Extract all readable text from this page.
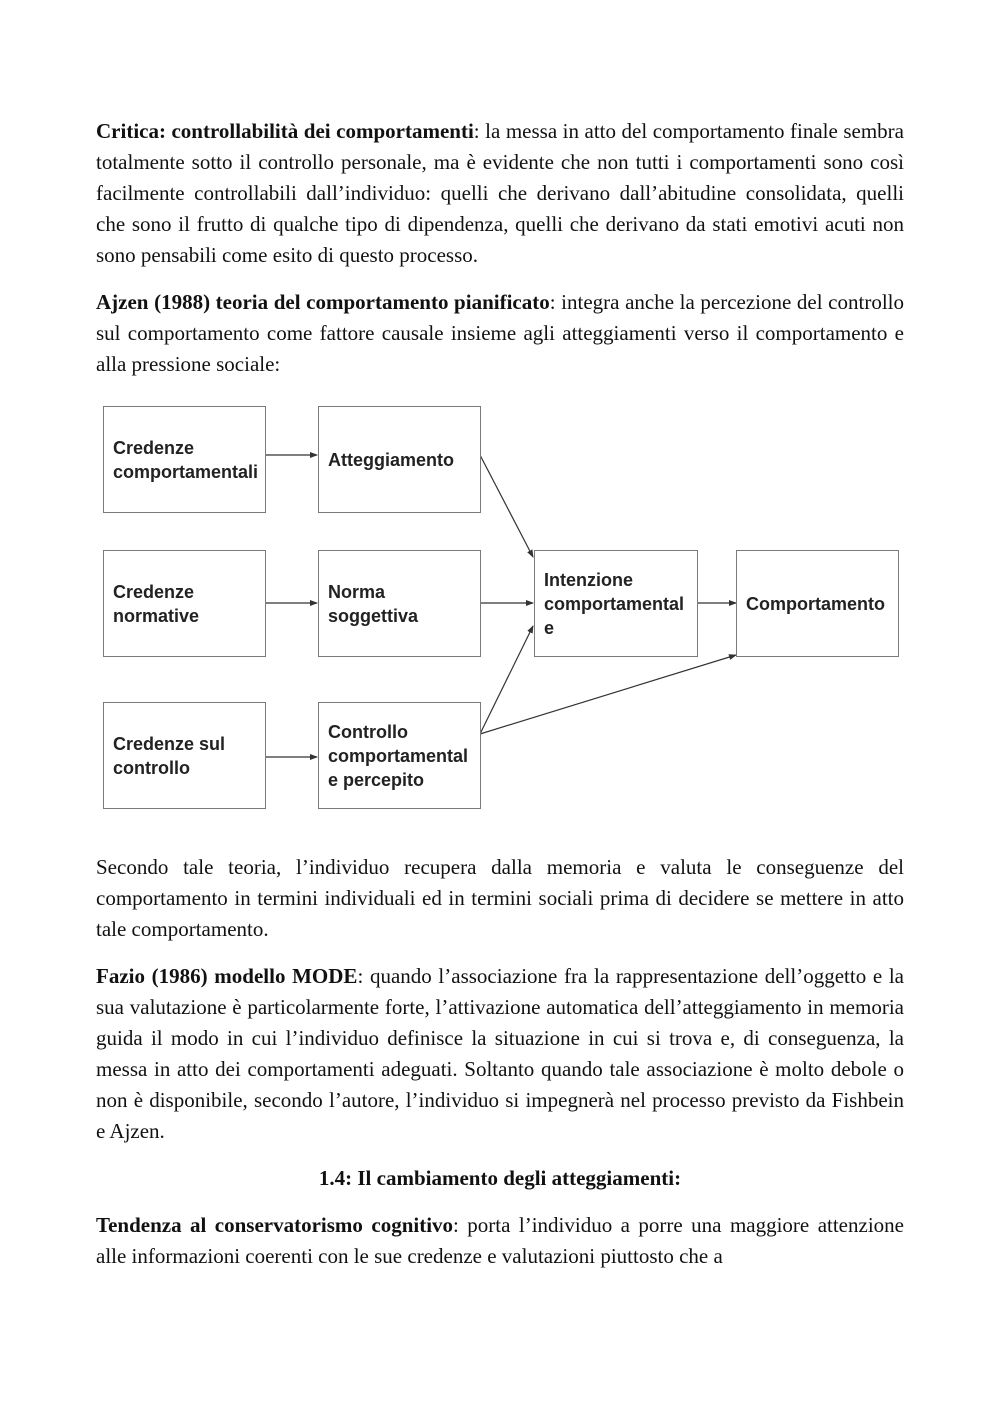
Critica: controllabilità dei comportamenti: la messa in atto del comportamento finale sembra totalmente sotto il controllo personale, ma è evidente che non tutti i comportamenti sono così facilmente controllabili dall’individuo: quelli che derivano dall’abitudine consolidata, quelli che sono il frutto di qualche tipo di dipendenza, quelli che derivano da stati emotivi acuti non sono pensabili come esito di questo processo.

Ajzen (1988) teoria del comportamento pianificato: integra anche la percezione del controllo sul comportamento come fattore causale insieme agli atteggiamenti verso il comportamento e alla pressione sociale:

Credenze
comportamentali
Atteggiamento
Credenze
normative
Norma
soggettiva
Credenze sul
controllo
Controllo
comportamental
e percepito
Intenzione
comportamental
e
Comportamento

Secondo tale teoria, l’individuo recupera dalla memoria e valuta le conseguenze del comportamento in termini individuali ed in termini sociali prima di decidere se mettere in atto tale comportamento.

Fazio (1986) modello MODE: quando l’associazione fra la rappresentazione dell’oggetto e la sua valutazione è particolarmente forte, l’attivazione automatica dell’atteggiamento in memoria guida il modo in cui l’individuo definisce la situazione in cui si trova e, di conseguenza, la messa in atto dei comportamenti adeguati. Soltanto quando tale associazione è molto debole o non è disponibile, secondo l’autore, l’individuo si impegnerà nel processo previsto da Fishbein e Ajzen.

1.4: Il cambiamento degli atteggiamenti:

Tendenza al conservatorismo cognitivo: porta l’individuo a porre una maggiore attenzione alle informazioni coerenti con le sue credenze e valutazioni piuttosto che a
